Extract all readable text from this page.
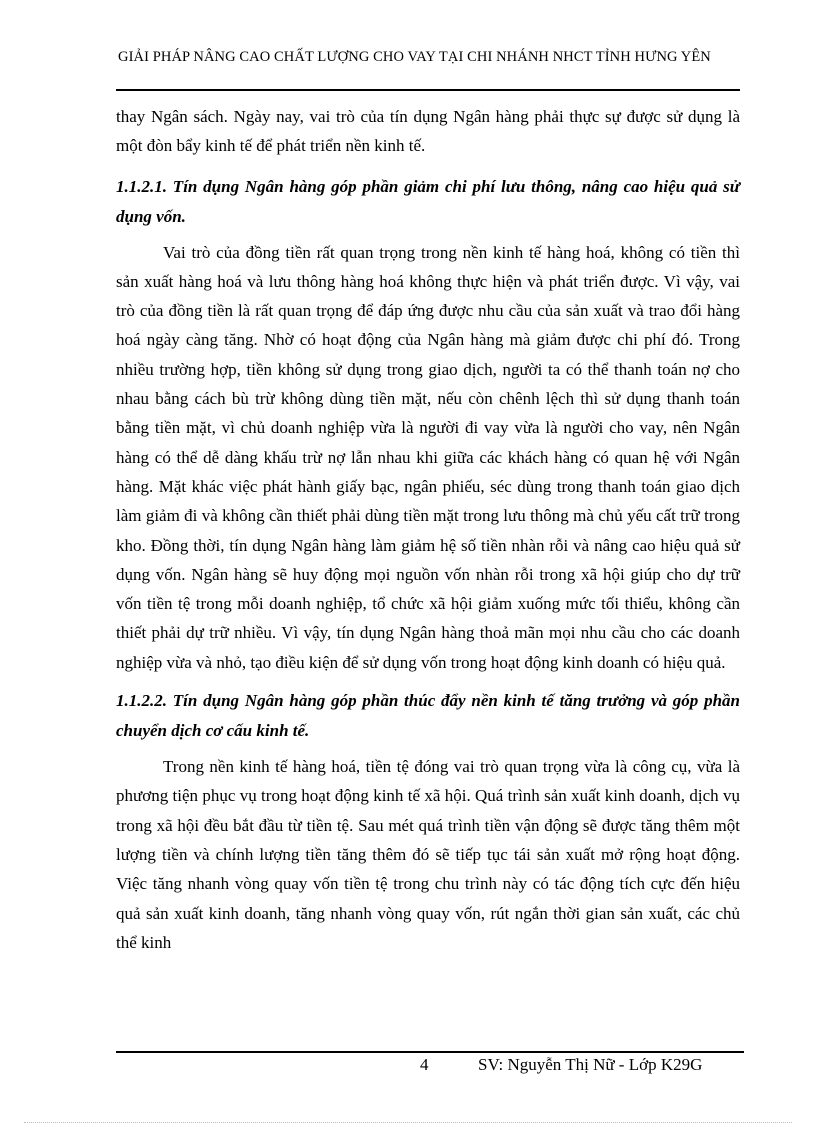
GIẢI PHÁP NÂNG CAO CHẤT LƯỢNG CHO VAY TẠI CHI NHÁNH NHCT TỈNH HƯNG YÊN

thay Ngân sách. Ngày nay, vai trò của tín dụng Ngân hàng phải thực sự được sử dụng là một đòn bẩy kinh tế để phát triển nền kinh tế.

1.1.2.1. Tín dụng Ngân hàng góp phần giảm chi phí lưu thông, nâng cao hiệu quả sử dụng vốn.

Vai trò của đồng tiền rất quan trọng trong nền kinh tế hàng hoá, không có tiền thì sản xuất hàng hoá và lưu thông hàng hoá không thực hiện và phát triển được. Vì vậy, vai trò của đồng tiền là rất quan trọng để đáp ứng được nhu cầu của sản xuất và trao đổi hàng hoá ngày càng tăng. Nhờ có hoạt động của Ngân hàng mà giảm được chi phí đó. Trong nhiều trường hợp, tiền không sử dụng trong giao dịch, người ta có thể thanh toán nợ cho nhau bằng cách bù trừ không dùng tiền mặt, nếu còn chênh lệch thì sử dụng thanh toán bằng tiền mặt, vì chủ doanh nghiệp vừa là người đi vay vừa là người cho vay, nên Ngân hàng có thể dễ dàng khấu trừ nợ lẫn nhau khi giữa các khách hàng có quan hệ với Ngân hàng. Mặt khác việc phát hành giấy bạc, ngân phiếu, séc dùng trong thanh toán giao dịch làm giảm đi và không cần thiết phải dùng tiền mặt trong lưu thông mà chủ yếu cất trữ trong kho. Đồng thời, tín dụng Ngân hàng làm giảm hệ số tiền nhàn rỗi và nâng cao hiệu quả sử dụng vốn. Ngân hàng sẽ huy động mọi nguồn vốn nhàn rỗi trong xã hội giúp cho dự trữ vốn tiền tệ trong mỗi doanh nghiệp, tổ chức xã hội giảm xuống mức tối thiểu, không cần thiết phải dự trữ nhiều. Vì vậy, tín dụng Ngân hàng thoả mãn mọi nhu cầu cho các doanh nghiệp vừa và nhỏ, tạo điều kiện để sử dụng vốn trong hoạt động kinh doanh có hiệu quả.

1.1.2.2. Tín dụng Ngân hàng góp phần thúc đẩy nền kinh tế tăng trưởng và góp phần chuyển dịch cơ cấu kinh tế.

Trong nền kinh tế hàng hoá, tiền tệ đóng vai trò quan trọng vừa là công cụ, vừa là phương tiện phục vụ trong hoạt động kinh tế xã hội. Quá trình sản xuất kinh doanh, dịch vụ trong xã hội đều bắt đầu từ tiền tệ. Sau mét quá trình tiền vận động sẽ được tăng thêm một lượng tiền và chính lượng tiền tăng thêm đó sẽ tiếp tục tái sản xuất mở rộng hoạt động. Việc tăng nhanh vòng quay vốn tiền tệ trong chu trình này có tác động tích cực đến hiệu quả sản xuất kinh doanh, tăng nhanh vòng quay vốn, rút ngắn thời gian sản xuất, các chủ thể kinh

4	SV: Nguyễn Thị Nữ - Lớp K29G
